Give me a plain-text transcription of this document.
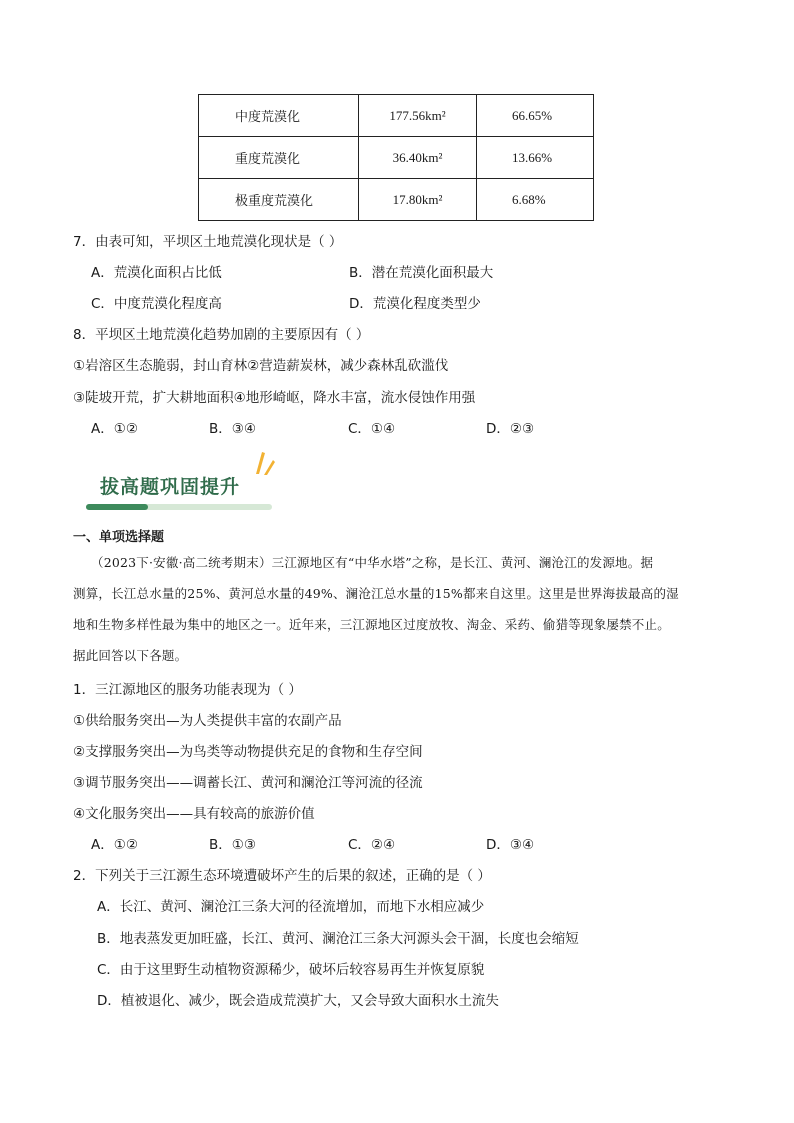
中度荒漠化	177.56km²	66.65%
重度荒漠化	36.40km²	13.66%
极重度荒漠化	17.80km²	6.68%
7．由表可知，平坝区土地荒漠化现状是（ ）
A．荒漠化面积占比低	B．潜在荒漠化面积最大
C．中度荒漠化程度高	D．荒漠化程度类型少
8．平坝区土地荒漠化趋势加剧的主要原因有（ ）
①岩溶区生态脆弱，封山育林②营造薪炭林，减少森林乱砍滥伐
③陡坡开荒，扩大耕地面积④地形崎岖，降水丰富，流水侵蚀作用强
A．①②	B．③④	C．①④	D．②③
拔高题巩固提升
一、单项选择题
（2023下·安徽·高二统考期末）三江源地区有“中华水塔”之称，是长江、黄河、澜沧江的发源地。据
测算，长江总水量的25%、黄河总水量的49%、澜沧江总水量的15%都来自这里。这里是世界海拔最高的湿
地和生物多样性最为集中的地区之一。近年来，三江源地区过度放牧、淘金、采药、偷猎等现象屡禁不止。
据此回答以下各题。
1．三江源地区的服务功能表现为（ ）
①供给服务突出—为人类提供丰富的农副产品
②支撑服务突出—为鸟类等动物提供充足的食物和生存空间
③调节服务突出——调蓄长江、黄河和澜沧江等河流的径流
④文化服务突出——具有较高的旅游价值
A．①②	B．①③	C．②④	D．③④
2．下列关于三江源生态环境遭破坏产生的后果的叙述，正确的是（ ）
A．长江、黄河、澜沧江三条大河的径流增加，而地下水相应减少
B．地表蒸发更加旺盛，长江、黄河、澜沧江三条大河源头会干涸，长度也会缩短
C．由于这里野生动植物资源稀少，破坏后较容易再生并恢复原貌
D．植被退化、减少，既会造成荒漠扩大，又会导致大面积水土流失
